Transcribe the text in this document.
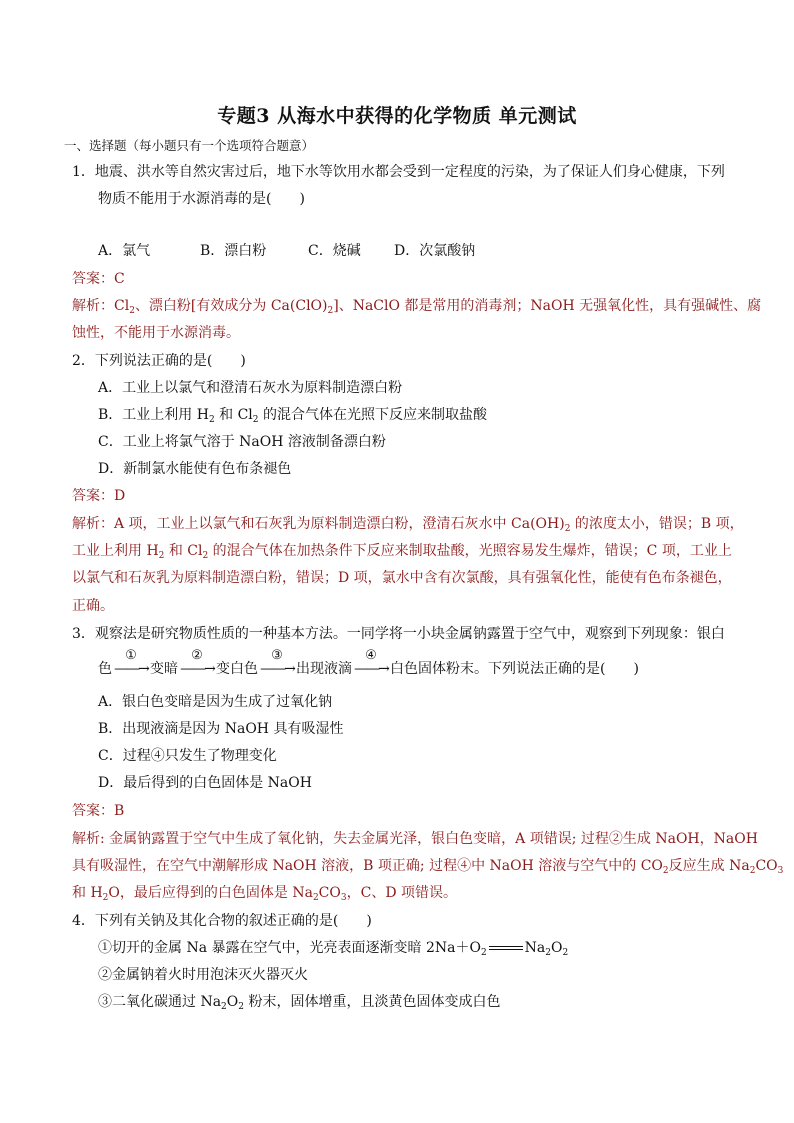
专题3 从海水中获得的化学物质 单元测试
一、选择题（每小题只有一个选项符合题意）
1．地震、洪水等自然灾害过后，地下水等饮用水都会受到一定程度的污染，为了保证人们身心健康，下列
物质不能用于水源消毒的是(　　)
A．氯气	B．漂白粉	C．烧碱 D．次氯酸钠
答案：C
解析：$Cl_2$、漂白粉[有效成分为 $Ca(ClO)_2$]、NaClO 都是常用的消毒剂；NaOH 无强氧化性，具有强碱性、腐
蚀性，不能用于水源消毒。
2．下列说法正确的是(　　)
A．工业上以氯气和澄清石灰水为原料制造漂白粉
B．工业上利用 $H_2$ 和 $Cl_2$ 的混合气体在光照下反应来制取盐酸
C．工业上将氯气溶于 NaOH 溶液制备漂白粉
D．新制氯水能使有色布条褪色
答案：D
解析：A 项，工业上以氯气和石灰乳为原料制造漂白粉，澄清石灰水中 $Ca(OH)_2$ 的浓度太小，错误；B 项，
工业上利用 $H_2$ 和 $Cl_2$ 的混合气体在加热条件下反应来制取盐酸，光照容易发生爆炸，错误；C 项，工业上
以氯气和石灰乳为原料制造漂白粉，错误；D 项，氯水中含有次氯酸，具有强氧化性，能使有色布条褪色，
正确。
3．观察法是研究物质性质的一种基本方法。一同学将一小块金属钠露置于空气中，观察到下列现象：银白
色
①
——→ 变暗
②
——→ 变白色
③
——→ 出现液滴
④
——→ 白色固体粉末。下列说法正确的是(　　)
A．银白色变暗是因为生成了过氧化钠
B．出现液滴是因为 NaOH 具有吸湿性
C．过程④只发生了物理变化
D．最后得到的白色固体是 NaOH
答案：B
解析: 金属钠露置于空气中生成了氧化钠，失去金属光泽，银白色变暗，A 项错误; 过程②生成 NaOH，NaOH
具有吸湿性，在空气中潮解形成 NaOH 溶液，B 项正确; 过程④中 NaOH 溶液与空气中的 $CO_2$反应生成 $Na_2CO_3$
和 $H_2O$，最后应得到的白色固体是 $Na_2CO_3$，C、D 项错误。
4．下列有关钠及其化合物的叙述正确的是(　　)
①切开的金属 Na 暴露在空气中，光亮表面逐渐变暗 $2Na+O_2$	$Na_2O_2$
②金属钠着火时用泡沫灭火器灭火
③二氧化碳通过 $Na_2O_2$ 粉末，固体增重，且淡黄色固体变成白色
